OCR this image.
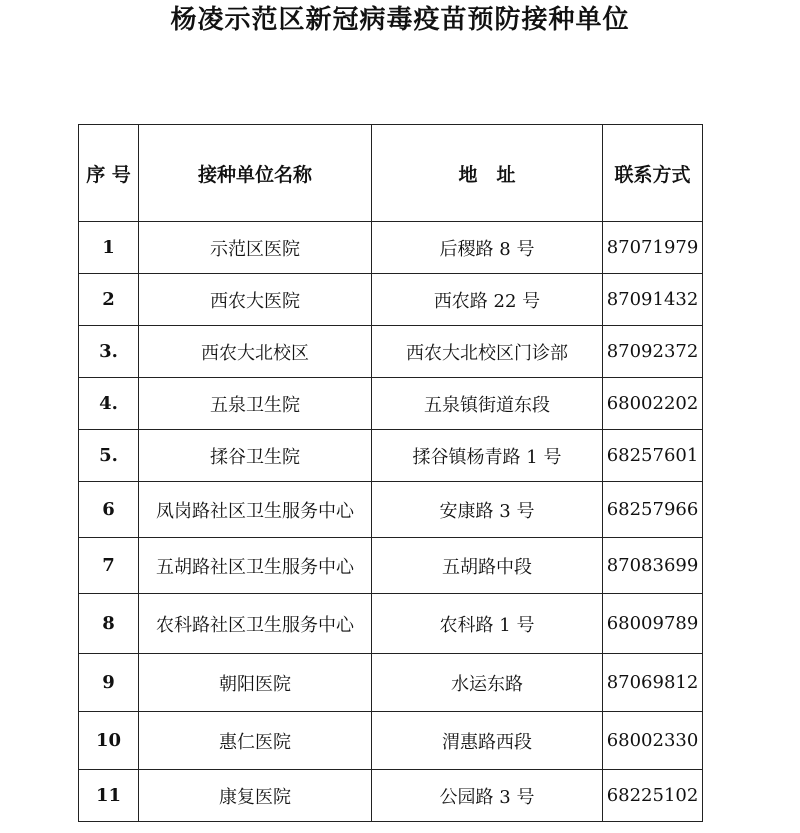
杨凌示范区新冠病毒疫苗预防接种单位
序 号	接种单位名称	地　址	联系方式
1	示范区医院	后稷路 8 号	87071979
2	西农大医院	西农路 22 号	87091432
3.	西农大北校区	西农大北校区门诊部	87092372
4.	五泉卫生院	五泉镇街道东段	68002202
5.	揉谷卫生院	揉谷镇杨青路 1 号	68257601
6	凤岗路社区卫生服务中心	安康路 3 号	68257966
7	五胡路社区卫生服务中心	五胡路中段	87083699
8	农科路社区卫生服务中心	农科路 1 号	68009789
9	朝阳医院	水运东路	87069812
10	惠仁医院	渭惠路西段	68002330
11	康复医院	公园路 3 号	68225102
